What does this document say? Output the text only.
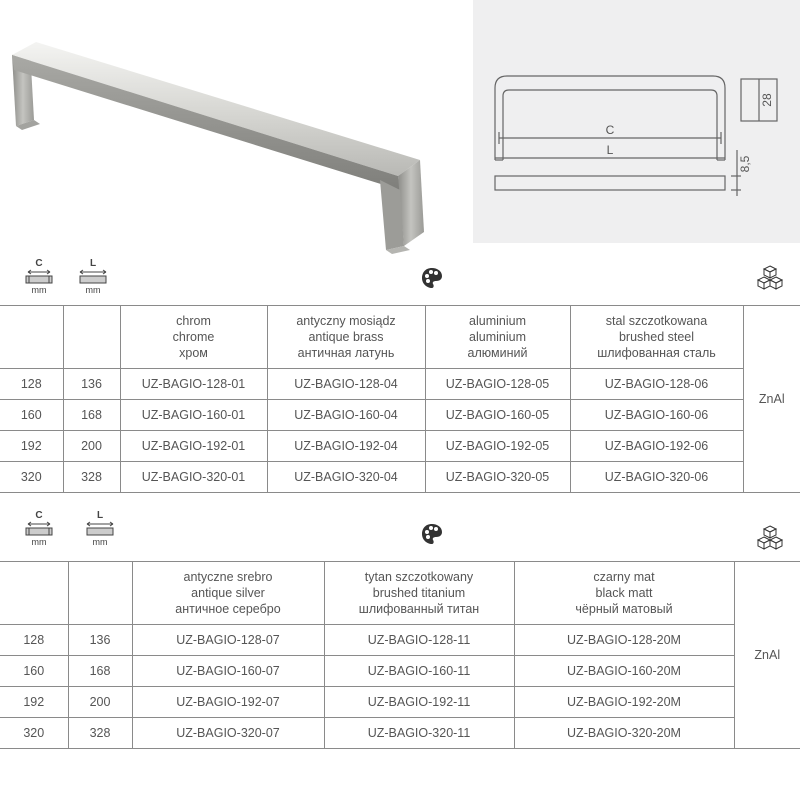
C
L
28
8,5
C
mm
L
mm

		chrom
chrome
хром	antyczny mosiądz
antique brass
античная латунь	aluminium
aluminium
алюминий	stal szczotkowana
brushed steel
шлифованная сталь	ZnAl
128	136	UZ-BAGIO-128-01	UZ-BAGIO-128-04	UZ-BAGIO-128-05	UZ-BAGIO-128-06	
160	168	UZ-BAGIO-160-01	UZ-BAGIO-160-04	UZ-BAGIO-160-05	UZ-BAGIO-160-06	
192	200	UZ-BAGIO-192-01	UZ-BAGIO-192-04	UZ-BAGIO-192-05	UZ-BAGIO-192-06	
320	328	UZ-BAGIO-320-01	UZ-BAGIO-320-04	UZ-BAGIO-320-05	UZ-BAGIO-320-06	
C
mm
L
mm

		antyczne srebro
antique silver
античное серебро	tytan szczotkowany
brushed titanium
шлифованный титан	czarny mat
black matt
чёрный матовый	ZnAl
128	136	UZ-BAGIO-128-07	UZ-BAGIO-128-11	UZ-BAGIO-128-20M	
160	168	UZ-BAGIO-160-07	UZ-BAGIO-160-11	UZ-BAGIO-160-20M	
192	200	UZ-BAGIO-192-07	UZ-BAGIO-192-11	UZ-BAGIO-192-20M	
320	328	UZ-BAGIO-320-07	UZ-BAGIO-320-11	UZ-BAGIO-320-20M	
